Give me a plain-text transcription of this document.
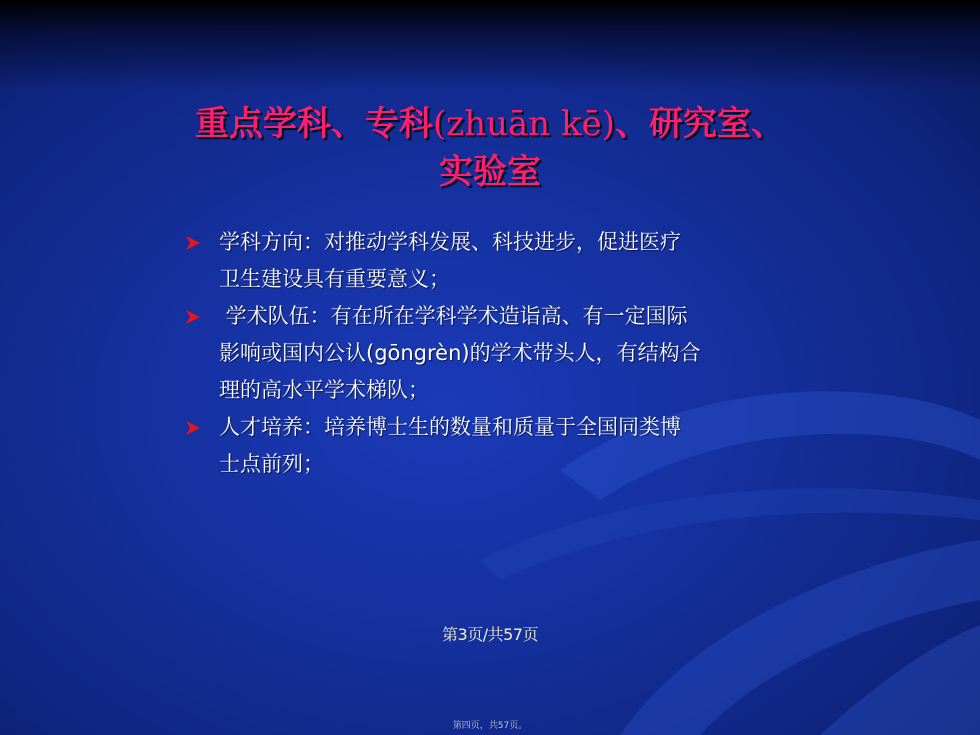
重点学科、专科(zhuān kē)、研究室、
实验室
学科方向：对推动学科发展、科技进步，促进医疗
卫生建设具有重要意义；
学术队伍：有在所在学科学术造诣高、有一定国际
影响或国内公认(gōngrèn)的学术带头人，有结构合
理的高水平学术梯队；
人才培养：培养博士生的数量和质量于全国同类博
士点前列；
第3页/共57页
第四页，共57页。
